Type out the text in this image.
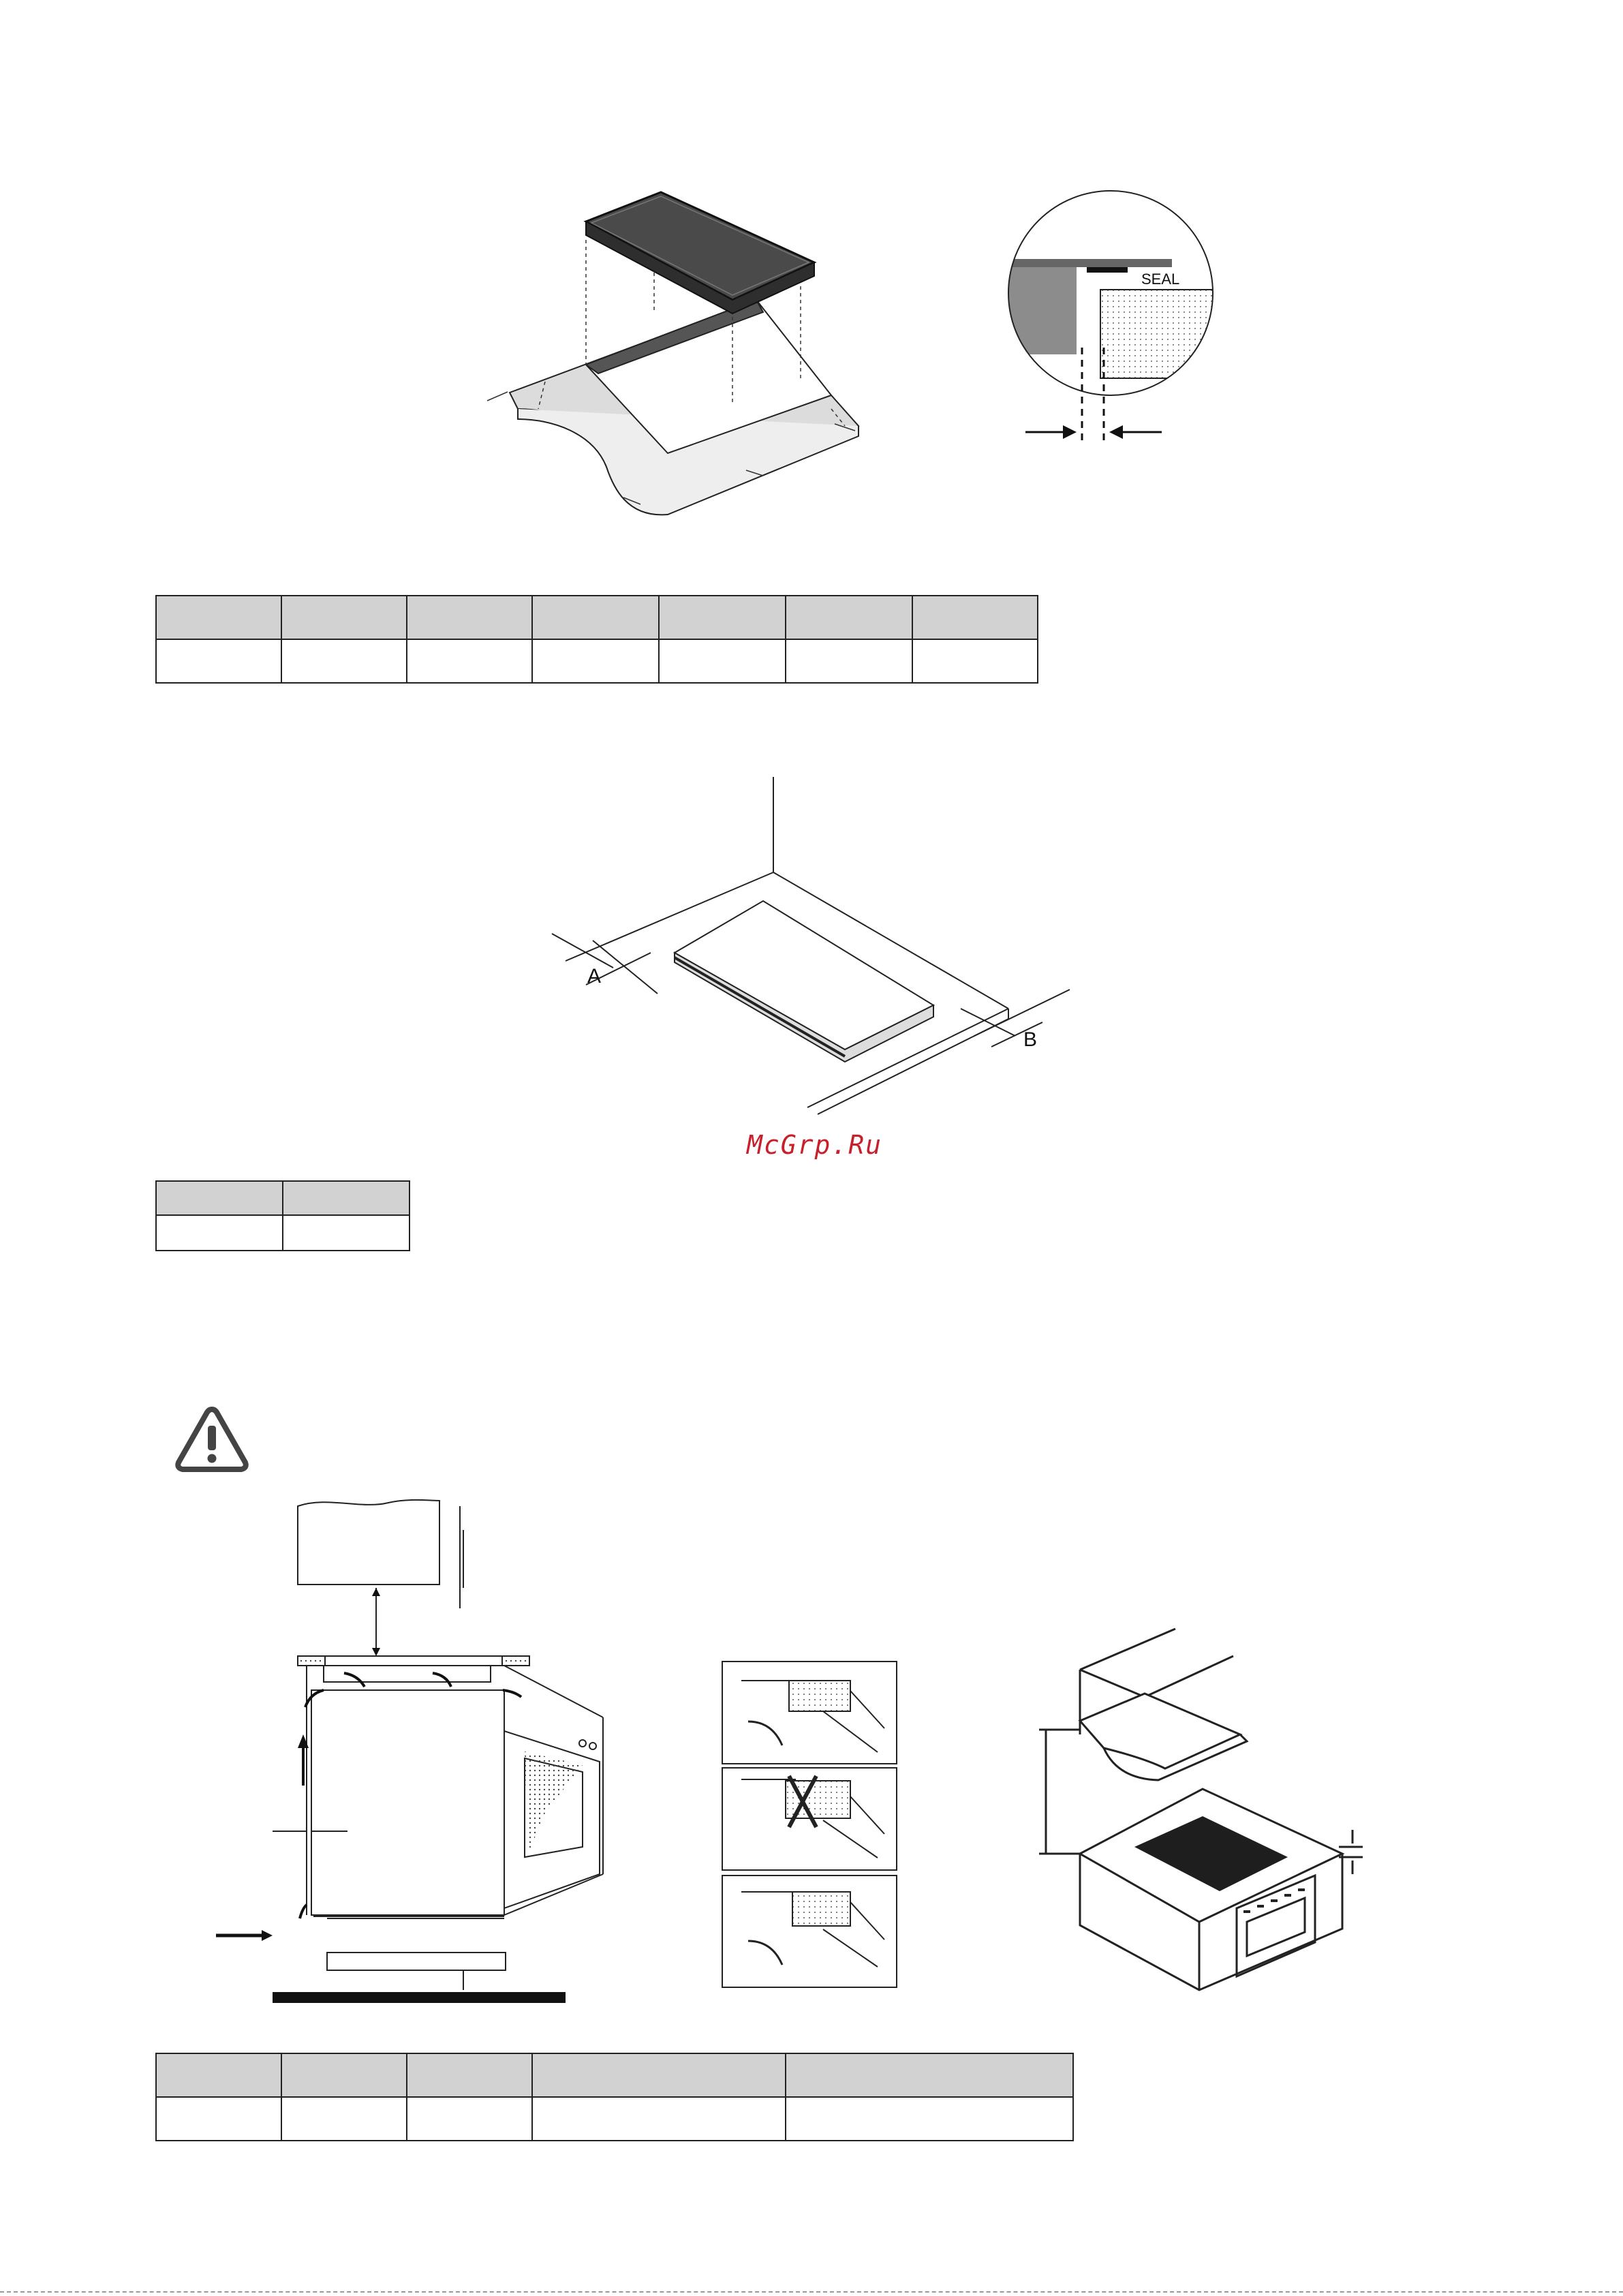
SEAL

A
B
McGrp.Ru
